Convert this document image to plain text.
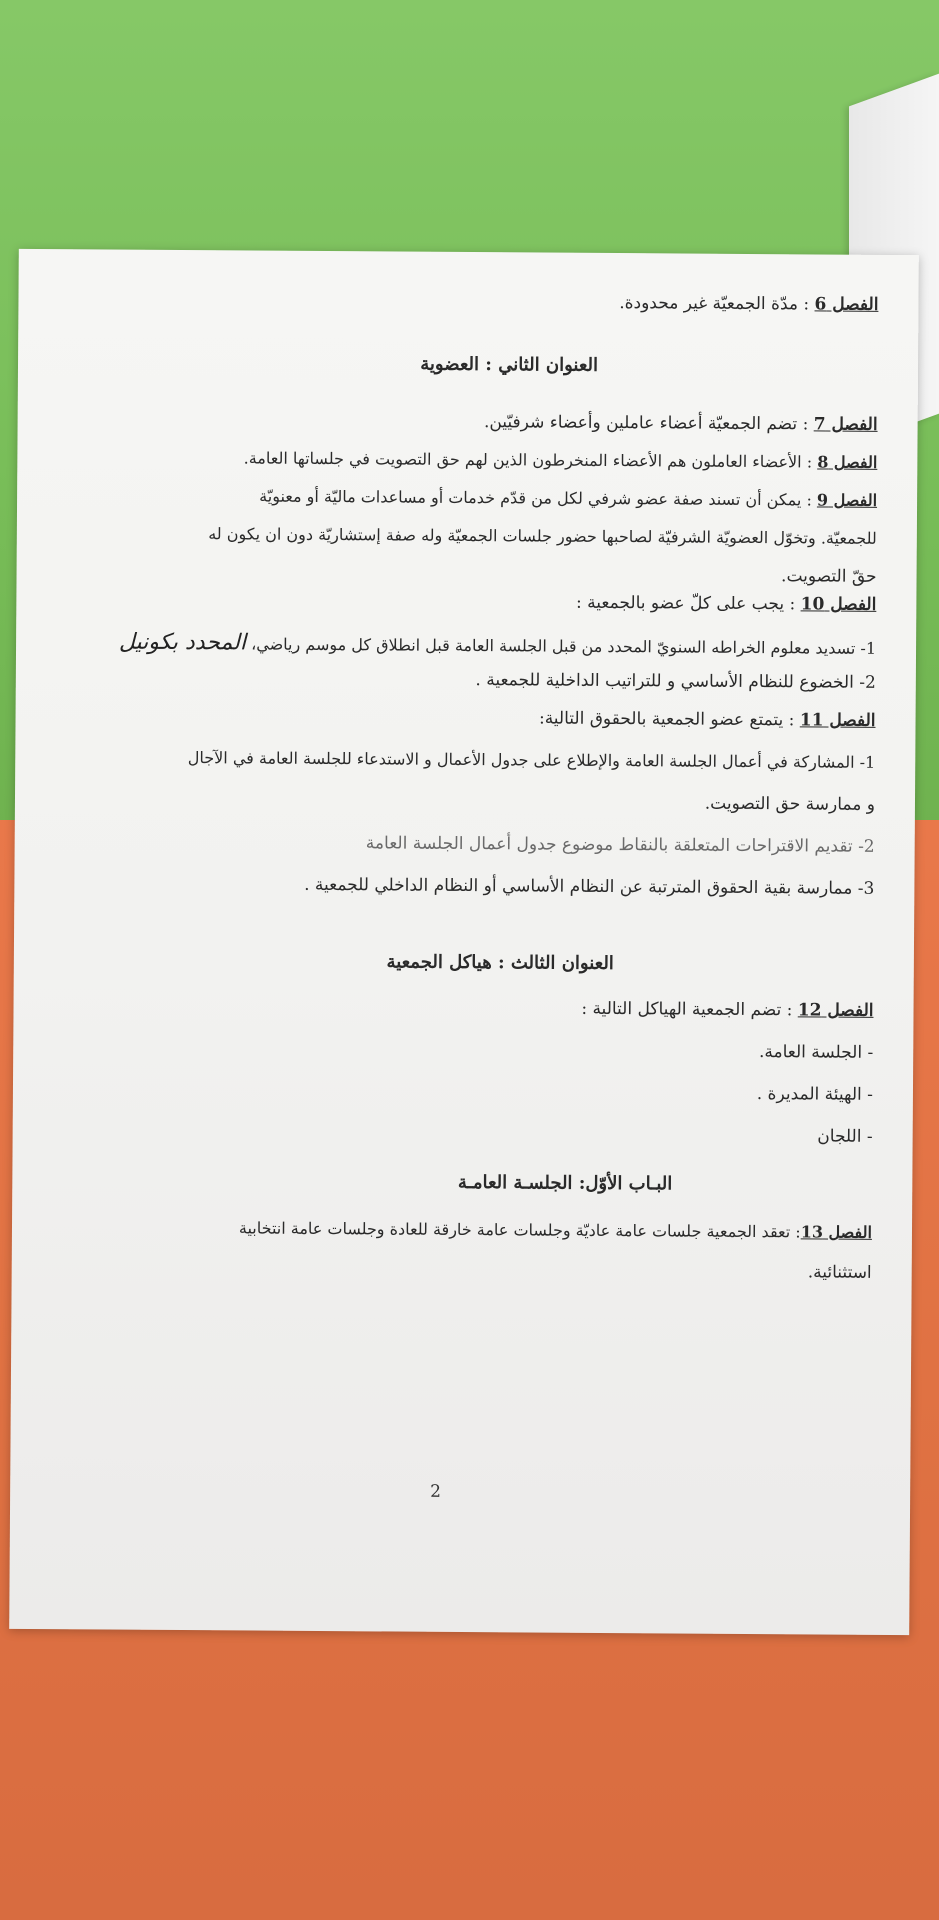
الفصل 6 : مدّة الجمعيّة غير محدودة.
العنوان الثاني : العضوية
الفصل 7 : تضم الجمعيّة أعضاء عاملين وأعضاء شرفيّين.
الفصل 8 : الأعضاء العاملون هم الأعضاء المنخرطون الذين لهم حق التصويت في جلساتها العامة.
الفصل 9 : يمكن أن تسند صفة عضو شرفي لكل من قدّم خدمات أو مساعدات ماليّة أو معنويّة
للجمعيّة. وتخوّل العضويّة الشرفيّة لصاحبها حضور جلسات الجمعيّة وله صفة إستشاريّة دون ان يكون له
حقّ التصويت.
الفصل 10 : يجب على كلّ عضو بالجمعية :
1- تسديد معلوم الخراطه السنويّ المحدد من قبل الجلسة العامة قبل انطلاق كل موسم رياضي، المحدد بكونيل
2- الخضوع للنظام الأساسي و للتراتيب الداخلية للجمعية .
الفصل 11 : يتمتع عضو الجمعية بالحقوق التالية:
1- المشاركة في أعمال الجلسة العامة والإطلاع على جدول الأعمال و الاستدعاء للجلسة العامة في الآجال
و ممارسة حق التصويت.
2- تقديم الاقتراحات المتعلقة بالنقاط موضوع جدول أعمال الجلسة العامة
3- ممارسة بقية الحقوق المترتبة عن النظام الأساسي أو النظام الداخلي للجمعية .
العنوان الثالث : هياكل الجمعية
الفصل 12 : تضم الجمعية الهياكل التالية :
- الجلسة العامة.
- الهيئة المديرة .
- اللجان
البـاب الأوّل: الجلسـة العامـة
الفصل 13: تعقد الجمعية جلسات عامة عاديّة وجلسات عامة خارقة للعادة وجلسات عامة انتخابية
استثنائية.
2
